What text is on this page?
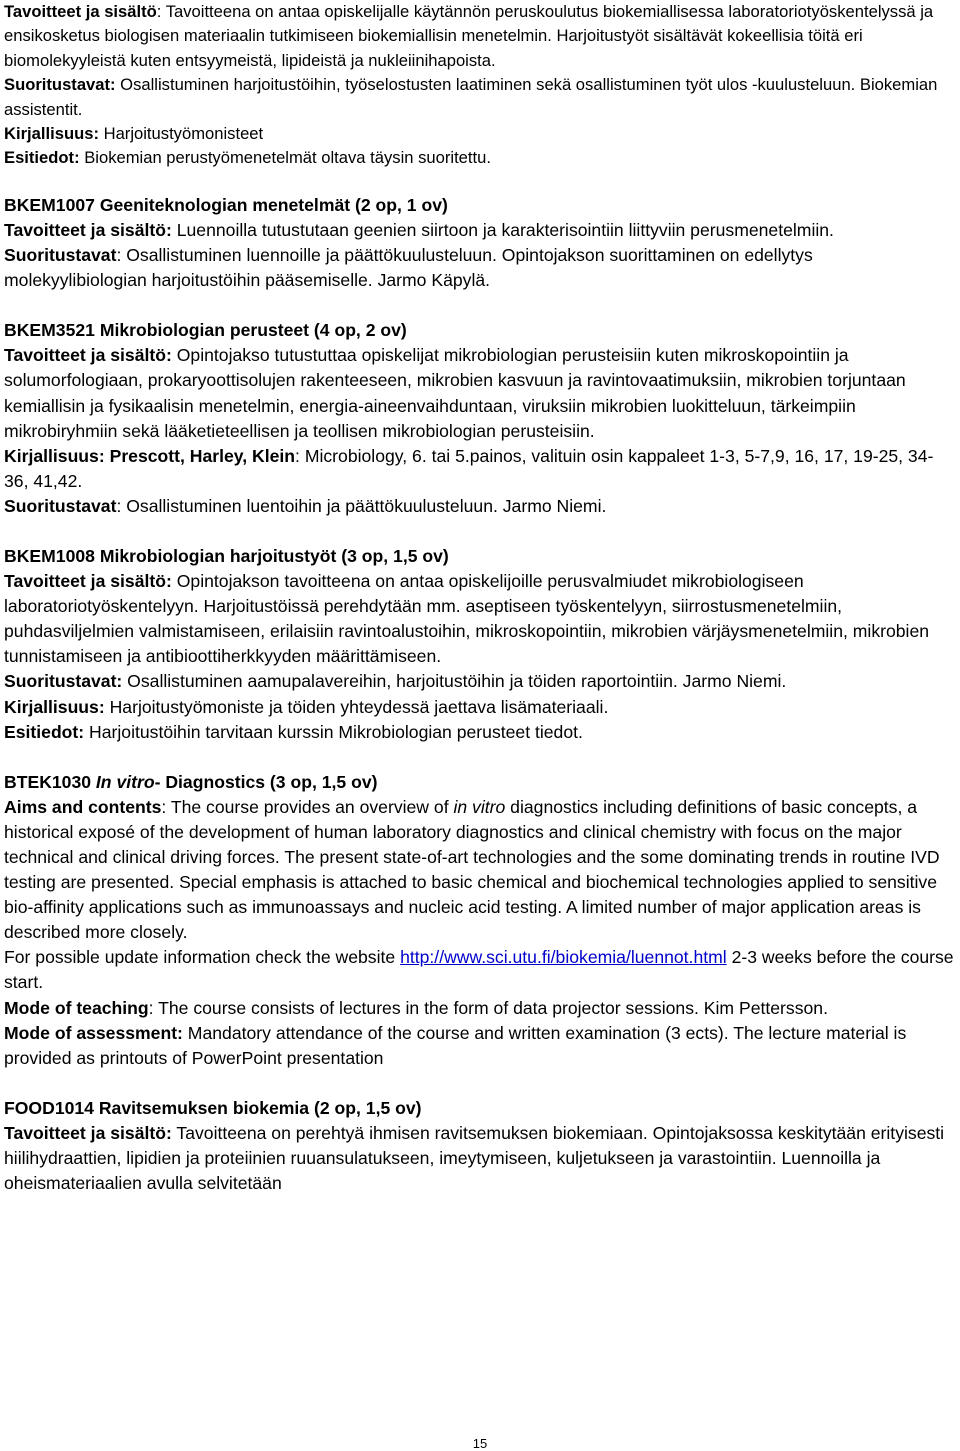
Tavoitteet ja sisältö: Tavoitteena on antaa opiskelijalle käytännön peruskoulutus biokemiallisessa laboratoriotyöskentelyssä ja ensikosketus biologisen materiaalin tutkimiseen biokemiallisin menetelmin. Harjoitustyöt sisältävät kokeellisia töitä eri biomolekyyleistä kuten entsyymeistä, lipideistä ja nukleiinihapoista.

Suoritustavat: Osallistuminen harjoitustöihin, työselostusten laatiminen sekä osallistuminen työt ulos -kuulusteluun. Biokemian assistentit.

Kirjallisuus: Harjoitustyömonisteet

Esitiedot: Biokemian perustyömenetelmät oltava täysin suoritettu.

BKEM1007 Geeniteknologian menetelmät (2 op, 1 ov)

Tavoitteet ja sisältö: Luennoilla tutustutaan geenien siirtoon ja karakterisointiin liittyviin perusmenetelmiin.

Suoritustavat: Osallistuminen luennoille ja päättökuulusteluun. Opintojakson suorittaminen on edellytys molekyylibiologian harjoitustöihin pääsemiselle. Jarmo Käpylä.

BKEM3521 Mikrobiologian perusteet (4 op, 2 ov)

Tavoitteet ja sisältö: Opintojakso tutustuttaa opiskelijat mikrobiologian perusteisiin kuten mikroskopointiin ja solumorfologiaan, prokaryoottisolujen rakenteeseen, mikrobien kasvuun ja ravintovaatimuksiin, mikrobien torjuntaan kemiallisin ja fysikaalisin menetelmin, energia-aineenvaihduntaan, viruksiin mikrobien luokitteluun, tärkeimpiin mikrobiryhmiin sekä lääketieteellisen ja teollisen mikrobiologian perusteisiin.

Kirjallisuus: Prescott, Harley, Klein: Microbiology, 6. tai 5.painos, valituin osin kappaleet 1-3, 5-7,9, 16, 17, 19-25, 34-36, 41,42.

Suoritustavat: Osallistuminen luentoihin ja päättökuulusteluun. Jarmo Niemi.

BKEM1008 Mikrobiologian harjoitustyöt (3 op, 1,5 ov)

Tavoitteet ja sisältö: Opintojakson tavoitteena on antaa opiskelijoille perusvalmiudet mikrobiologiseen laboratoriotyöskentelyyn. Harjoitustöissä perehdytään mm. aseptiseen työskentelyyn, siirrostusmenetelmiin, puhdasviljelmien valmistamiseen, erilaisiin ravintoalustoihin, mikroskopointiin, mikrobien värjäysmenetelmiin, mikrobien tunnistamiseen ja antibioottiherkkyyden määrittämiseen.

Suoritustavat: Osallistuminen aamupalavereihin, harjoitustöihin ja töiden raportointiin. Jarmo Niemi.

Kirjallisuus: Harjoitustyömoniste ja töiden yhteydessä jaettava lisämateriaali.

Esitiedot: Harjoitustöihin tarvitaan kurssin Mikrobiologian perusteet tiedot.

BTEK1030 In vitro- Diagnostics (3 op, 1,5 ov)

Aims and contents: The course provides an overview of in vitro diagnostics including definitions of basic concepts, a historical exposé of the development of human laboratory diagnostics and clinical chemistry with focus on the major technical and clinical driving forces. The present state-of-art technologies and the some dominating trends in routine IVD testing are presented. Special emphasis is attached to basic chemical and biochemical technologies applied to sensitive bio-affinity applications such as immunoassays and nucleic acid testing. A limited number of major application areas is described more closely.

For possible update information check the website http://www.sci.utu.fi/biokemia/luennot.html 2-3 weeks before the course start.

Mode of teaching: The course consists of lectures in the form of data projector sessions. Kim Pettersson.

Mode of assessment: Mandatory attendance of the course and written examination (3 ects). The lecture material is provided as printouts of PowerPoint presentation

FOOD1014 Ravitsemuksen biokemia (2 op, 1,5 ov)

Tavoitteet ja sisältö: Tavoitteena on perehtyä ihmisen ravitsemuksen biokemiaan. Opintojaksossa keskitytään erityisesti hiilihydraattien, lipidien ja proteiinien ruuansulatukseen, imeytymiseen, kuljetukseen ja varastointiin. Luennoilla ja oheismateriaalien avulla selvitetään

15
